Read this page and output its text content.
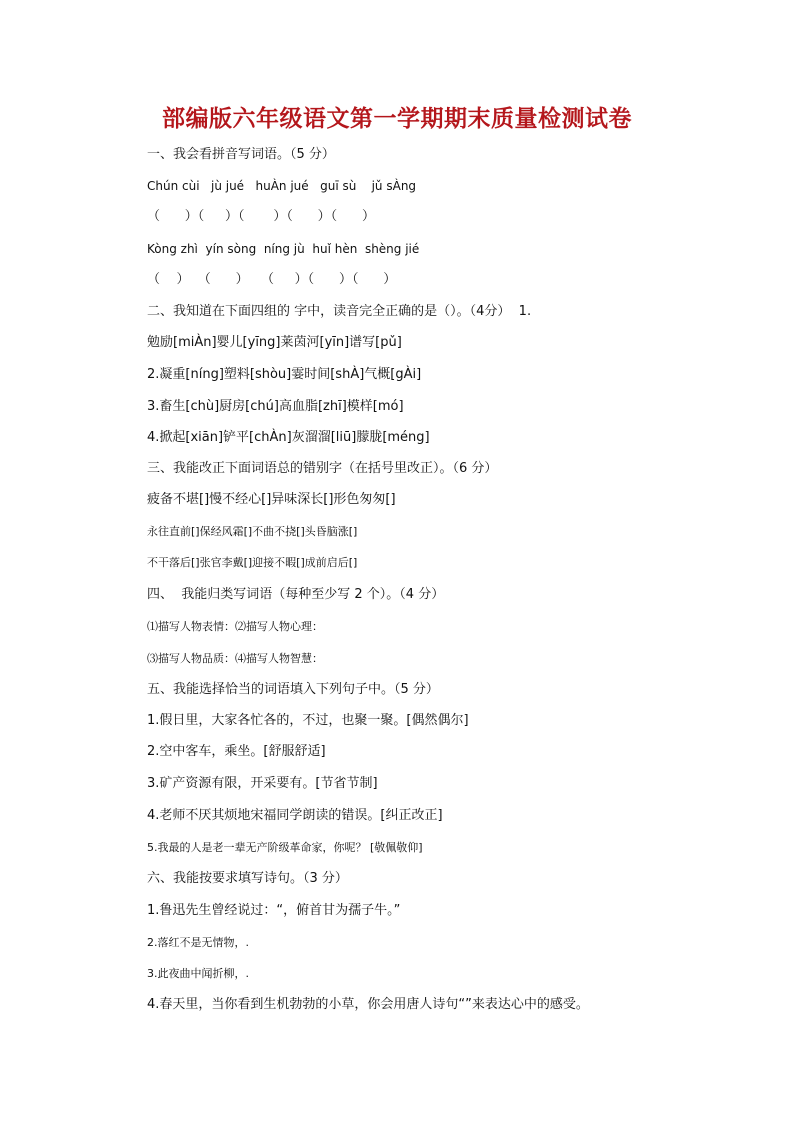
部编版六年级语文第一学期期末质量检测试卷
一、我会看拼音写词语。（5 分）
Chún cùi   jù jué   huÀn jué   guī sù    jǔ sÀng
（      ）（     ）（       ）（      ）（      ）
Kòng zhì  yín sòng  níng jù  huǐ hèn  shèng jié
（    ）  （      ）   （     ）（      ）（      ）
二、我知道在下面四组的 字中，读音完全正确的是（）。（4分）  1.
勉励[miÀn]婴儿[yīng]莱茵河[yīn]谱写[pǔ]
2.凝重[níng]塑料[shòu]霎时间[shÀ]气概[gÀi]
3.畜生[chù]厨房[chú]高血脂[zhī]模样[mó]
4.掀起[xiān]铲平[chÀn]灰溜溜[liū]朦胧[méng]
三、我能改正下面词语总的错别字（在括号里改正）。（6 分）
疲备不堪[]慢不经心[]异味深长[]形色匆匆[]
永往直前[]保经风霜[]不曲不挠[]头昏脑涨[]
不干落后[]张官李戴[]迎接不暇[]成前启后[]
四、  我能归类写词语（每种至少写 2 个）。（4 分）
⑴描写人物表情：⑵描写人物心理：
⑶描写人物品质：⑷描写人物智慧：
五、我能选择恰当的词语填入下列句子中。（5 分）
1.假日里，大家各忙各的，不过，也聚一聚。[偶然偶尔]
2.空中客车，乘坐。[舒服舒适]
3.矿产资源有限，开采要有。[节省节制]
4.老师不厌其烦地宋福同学朗读的错误。[纠正改正]
5.我最的人是老一辈无产阶级革命家，你呢？ [敬佩敬仰]
六、我能按要求填写诗句。（3 分）
1.鲁迅先生曾经说过：“，俯首甘为孺子牛。”
2.落红不是无情物，.
3.此夜曲中闻折柳，.
4.春天里，当你看到生机勃勃的小草，你会用唐人诗句“”来表达心中的感受。
